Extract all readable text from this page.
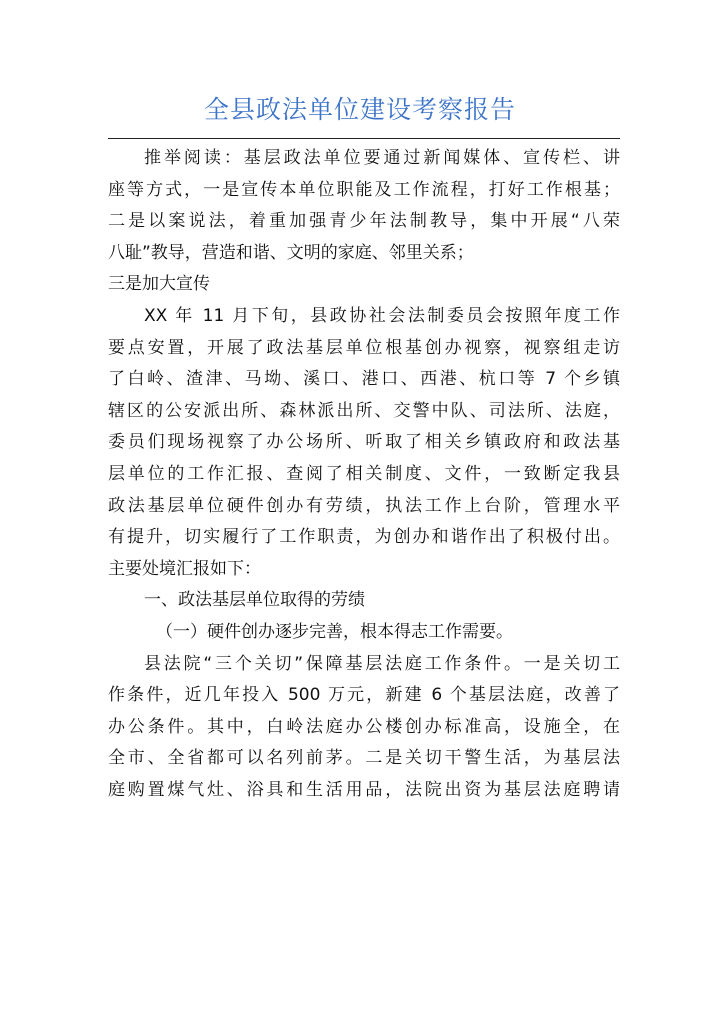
全县政法单位建设考察报告
推举阅读：基层政法单位要通过新闻媒体、宣传栏、讲
座等方式，一是宣传本单位职能及工作流程，打好工作根基；
二是以案说法，着重加强青少年法制教导，集中开展“八荣
八耻”教导，营造和谐、文明的家庭、邻里关系；
三是加大宣传
XX 年 11 月下旬，县政协社会法制委员会按照年度工作
要点安置，开展了政法基层单位根基创办视察，视察组走访
了白岭、渣津、马坳、溪口、港口、西港、杭口等 7 个乡镇
辖区的公安派出所、森林派出所、交警中队、司法所、法庭，
委员们现场视察了办公场所、听取了相关乡镇政府和政法基
层单位的工作汇报、查阅了相关制度、文件，一致断定我县
政法基层单位硬件创办有劳绩，执法工作上台阶，管理水平
有提升，切实履行了工作职责，为创办和谐作出了积极付出。
主要处境汇报如下：
一、政法基层单位取得的劳绩
（一）硬件创办逐步完善，根本得志工作需要。
县法院“三个关切”保障基层法庭工作条件。一是关切工
作条件，近几年投入 500 万元，新建 6 个基层法庭，改善了
办公条件。其中，白岭法庭办公楼创办标准高，设施全，在
全市、全省都可以名列前茅。二是关切干警生活，为基层法
庭购置煤气灶、浴具和生活用品，法院出资为基层法庭聘请
